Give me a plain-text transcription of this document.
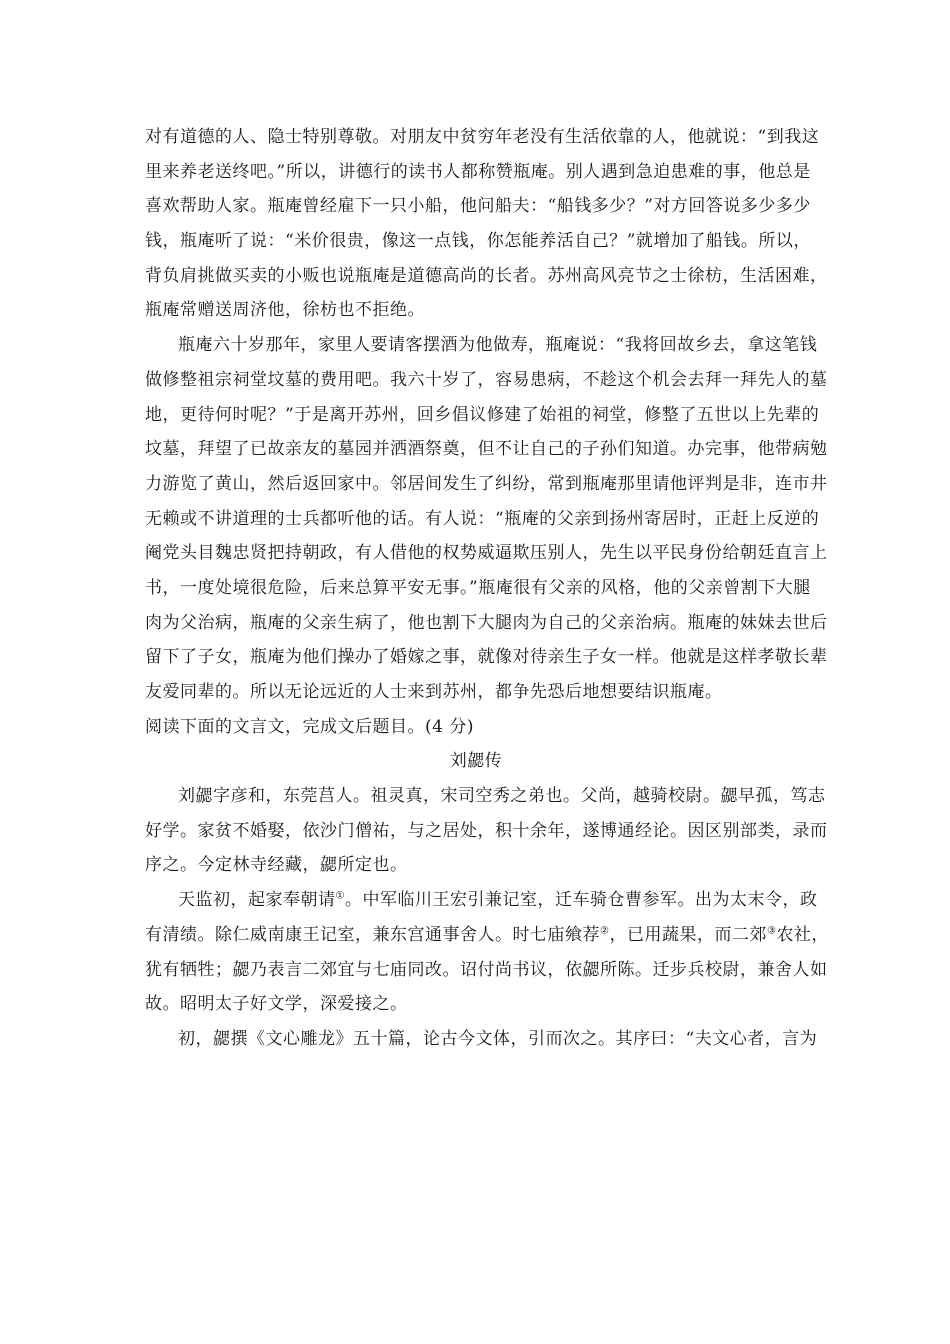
对有道德的人、隐士特别尊敬。对朋友中贫穷年老没有生活依靠的人，他就说：“到我这
里来养老送终吧。”所以，讲德行的读书人都称赞瓶庵。别人遇到急迫患难的事，他总是
喜欢帮助人家。瓶庵曾经雇下一只小船，他问船夫：“船钱多少？”对方回答说多少多少
钱，瓶庵听了说：“米价很贵，像这一点钱，你怎能养活自己？”就增加了船钱。所以，
背负肩挑做买卖的小贩也说瓶庵是道德高尚的长者。苏州高风亮节之士徐枋，生活困难，
瓶庵常赠送周济他，徐枋也不拒绝。
瓶庵六十岁那年，家里人要请客摆酒为他做寿，瓶庵说：“我将回故乡去，拿这笔钱
做修整祖宗祠堂坟墓的费用吧。我六十岁了，容易患病，不趁这个机会去拜一拜先人的墓
地，更待何时呢？”于是离开苏州，回乡倡议修建了始祖的祠堂，修整了五世以上先辈的
坟墓，拜望了已故亲友的墓园并洒酒祭奠，但不让自己的子孙们知道。办完事，他带病勉
力游览了黄山，然后返回家中。邻居间发生了纠纷，常到瓶庵那里请他评判是非，连市井
无赖或不讲道理的士兵都听他的话。有人说：“瓶庵的父亲到扬州寄居时，正赶上反逆的
阉党头目魏忠贤把持朝政，有人借他的权势威逼欺压别人，先生以平民身份给朝廷直言上
书，一度处境很危险，后来总算平安无事。”瓶庵很有父亲的风格，他的父亲曾割下大腿
肉为父治病，瓶庵的父亲生病了，他也割下大腿肉为自己的父亲治病。瓶庵的妹妹去世后
留下了子女，瓶庵为他们操办了婚嫁之事，就像对待亲生子女一样。他就是这样孝敬长辈
友爱同辈的。所以无论远近的人士来到苏州，都争先恐后地想要结识瓶庵。
阅读下面的文言文，完成文后题目。(4 分)
刘勰传
刘勰字彦和，东莞莒人。祖灵真，宋司空秀之弟也。父尚，越骑校尉。勰早孤，笃志
好学。家贫不婚娶，依沙门僧祐，与之居处，积十余年，遂博通经论。因区别部类，录而
序之。今定林寺经藏，勰所定也。
天监初，起家奉朝请①。中军临川王宏引兼记室，迁车骑仓曹参军。出为太末令，政
有清绩。除仁威南康王记室，兼东宫通事舍人。时七庙飨荐②，已用蔬果，而二郊③农社，
犹有牺牲；勰乃表言二郊宜与七庙同改。诏付尚书议，依勰所陈。迁步兵校尉，兼舍人如
故。昭明太子好文学，深爱接之。
初，勰撰《文心雕龙》五十篇，论古今文体，引而次之。其序曰：“夫文心者，言为
